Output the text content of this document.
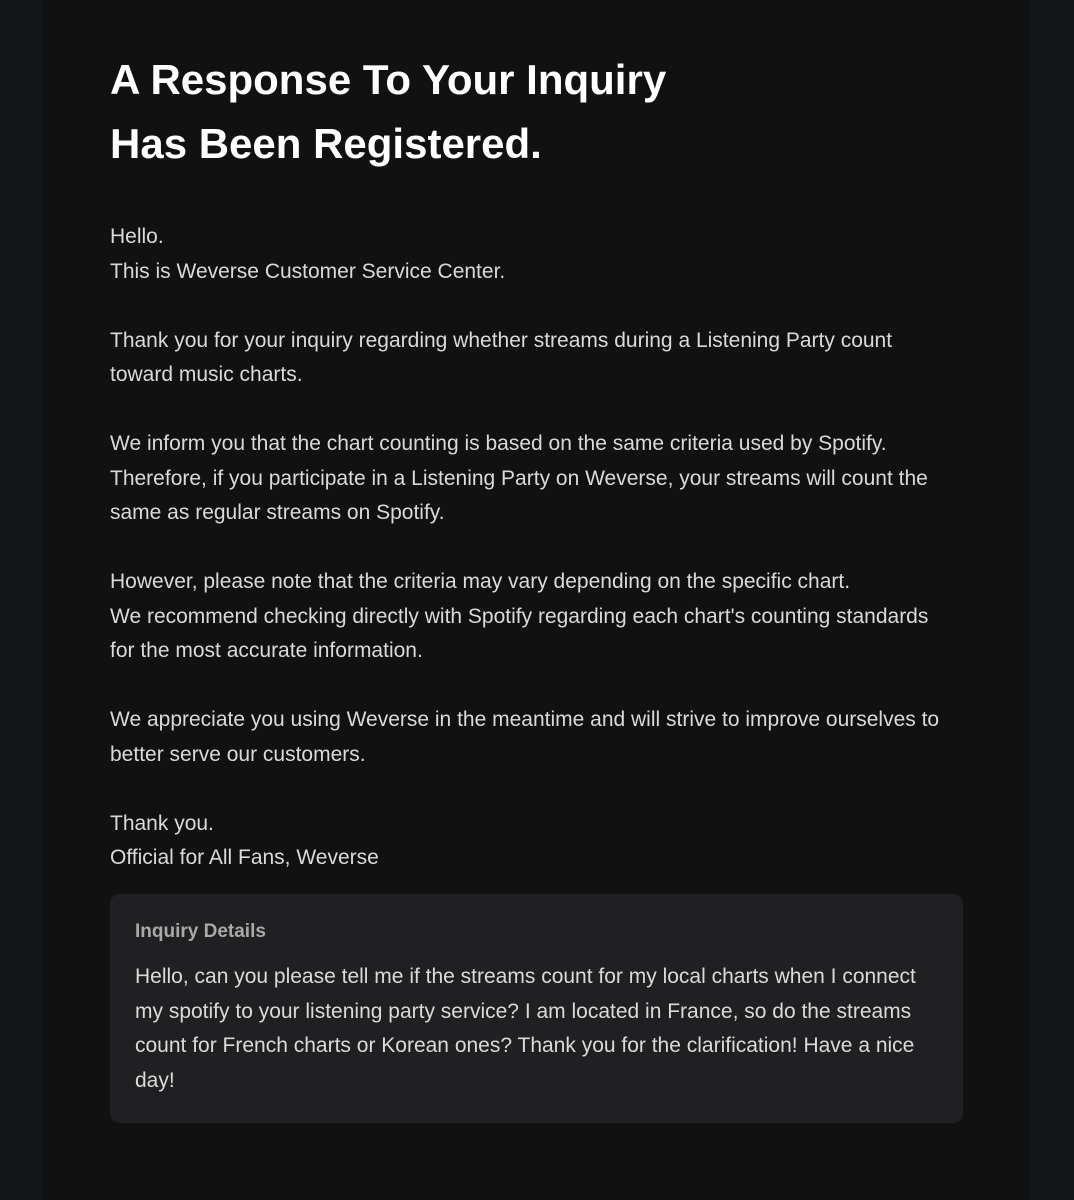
A Response To Your Inquiry
Has Been Registered.

Hello.
This is Weverse Customer Service Center.

Thank you for your inquiry regarding whether streams during a Listening Party count
toward music charts.

We inform you that the chart counting is based on the same criteria used by Spotify.
Therefore, if you participate in a Listening Party on Weverse, your streams will count the
same as regular streams on Spotify.

However, please note that the criteria may vary depending on the specific chart.
We recommend checking directly with Spotify regarding each chart's counting standards
for the most accurate information.

We appreciate you using Weverse in the meantime and will strive to improve ourselves to
better serve our customers.

Thank you.
Official for All Fans, Weverse

Inquiry Details

Hello, can you please tell me if the streams count for my local charts when I connect my spotify to your listening party service? I am located in France, so do the streams count for French charts or Korean ones? Thank you for the clarification! Have a nice day!
